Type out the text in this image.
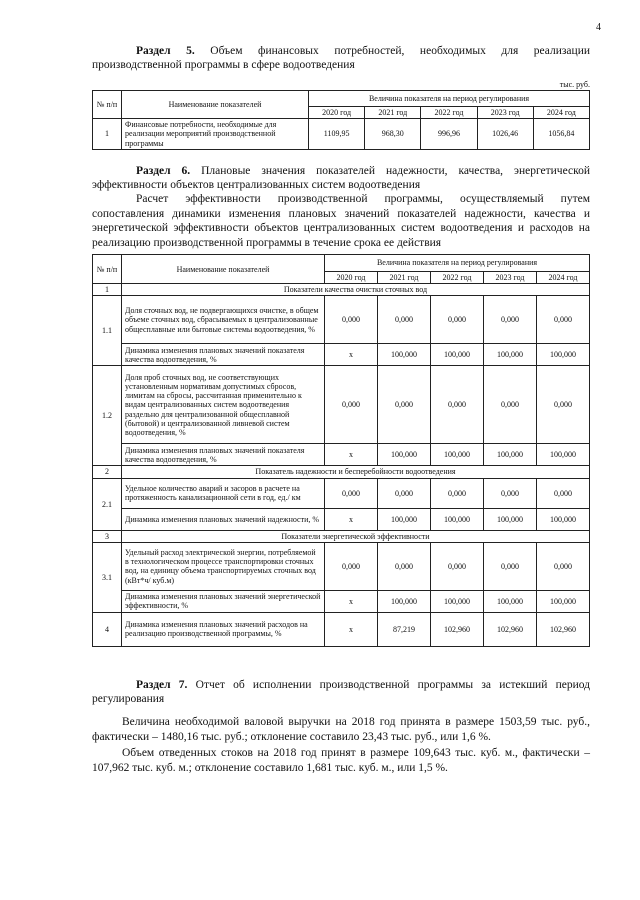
4
Раздел 5. Объем финансовых потребностей, необходимых для реализации производственной программы в сфере водоотведения
тыс. руб.
№ п/п	Наименование показателей	Величина показателя на период регулирования				
		2020 год	2021 год	2022 год	2023 год	2024 год
1	Финансовые потребности, необходимые для реализации мероприятий производственной программы	1109,95	968,30	996,96	1026,46	1056,84
Раздел 6. Плановые значения показателей надежности, качества, энергетической эффективности объектов централизованных систем водоотведения
Расчет эффективности производственной программы, осуществляемый путем сопоставления динамики изменения плановых значений показателей надежности, качества и энергетической эффективности объектов централизованных систем водоотведения и расходов на реализацию производственной программы в течение срока ее действия
№ п/п	Наименование показателей	Величина показателя на период регулирования				
		2020 год	2021 год	2022 год	2023 год	2024 год
1	Показатели качества очистки сточных вод					
1.1	Доля сточных вод, не подвергающихся очистке, в общем объеме сточных вод, сбрасываемых в централизованные общесплавные или бытовые системы водоотведения, %	0,000	0,000	0,000	0,000	0,000
	Динамика изменения плановых значений показателя качества водоотведения, %	х	100,000	100,000	100,000	100,000
1.2	Доля проб сточных вод, не соответствующих установленным нормативам допустимых сбросов, лимитам на сбросы, рассчитанная применительно к видам централизованных систем водоотведения раздельно для централизованной общесплавной (бытовой) и централизованной ливневой систем водоотведения, %	0,000	0,000	0,000	0,000	0,000
	Динамика изменения плановых значений показателя качества водоотведения, %	х	100,000	100,000	100,000	100,000
2	Показатель надежности и бесперебойности водоотведения					
2.1	Удельное количество аварий и засоров в расчете на протяженность канализационной сети в год, ед./ км	0,000	0,000	0,000	0,000	0,000
	Динамика изменения плановых значений надежности, %	х	100,000	100,000	100,000	100,000
3	Показатели энергетической эффективности					
3.1	Удельный расход электрической энергии, потребляемой в технологическом процессе транспортировки сточных вод, на единицу объема транспортируемых сточных вод (кВт*ч/ куб.м)	0,000	0,000	0,000	0,000	0,000
	Динамика изменения плановых значений энергетической эффективности, %	х	100,000	100,000	100,000	100,000
4	Динамика изменения плановых значений расходов на реализацию производственной программы, %	х	87,219	102,960	102,960	102,960
Раздел 7. Отчет об исполнении производственной программы за истекший период регулирования
Величина необходимой валовой выручки на 2018 год принята в размере 1503,59 тыс. руб., фактически – 1480,16 тыс. руб.; отклонение составило 23,43 тыс. руб., или 1,6 %.
Объем отведенных стоков на 2018 год принят в размере 109,643 тыс. куб. м., фактически – 107,962 тыс. куб. м.; отклонение составило 1,681 тыс. куб. м., или 1,5 %.
